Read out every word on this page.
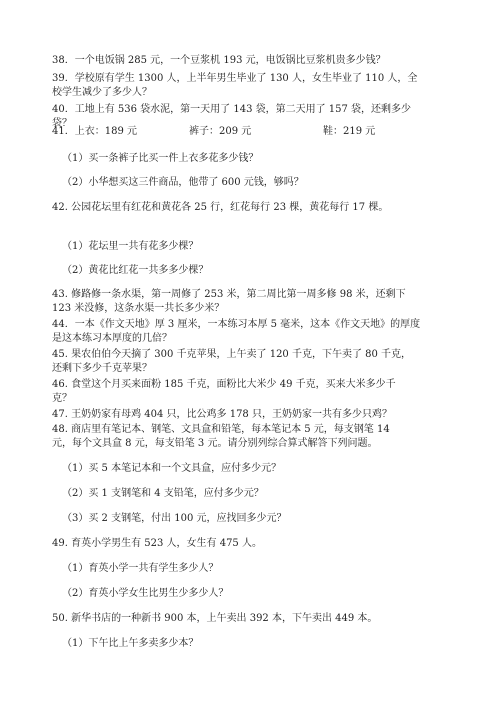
38．一个电饭锅 285 元，一个豆浆机 193 元，电饭锅比豆浆机贵多少钱？
39．学校原有学生 1300 人，上半年男生毕业了 130 人，女生毕业了 110 人，全
校学生减少了多少人？
40．工地上有 536 袋水泥，第一天用了 143 袋，第二天用了 157 袋，还剩多少
袋？
41．上衣：189 元	裤子：209 元	鞋：219 元
（1）买一条裤子比买一件上衣多花多少钱？
（2）小华想买这三件商品，他带了 600 元钱，够吗？
42. 公园花坛里有红花和黄花各 25 行，红花每行 23 棵，黄花每行 17 棵。
（1）花坛里一共有花多少棵？
（2）黄花比红花一共多多少棵？
43. 修路修一条水渠，第一周修了 253 米，第二周比第一周多修 98 米，还剩下
123 米没修，这条水渠一共长多少米？
44．一本《作文天地》厚 3 厘米，一本练习本厚 5 毫米，这本《作文天地》的厚度
是这本练习本厚度的几倍？
45. 果农伯伯今天摘了 300 千克苹果，上午卖了 120 千克，下午卖了 80 千克，
还剩下多少千克苹果？
46. 食堂这个月买来面粉 185 千克，面粉比大米少 49 千克，买来大米多少千
克？
47. 王奶奶家有母鸡 404 只，比公鸡多 178 只，王奶奶家一共有多少只鸡？
48. 商店里有笔记本、钢笔、文具盒和铅笔，每本笔记本 5 元，每支钢笔 14
元，每个文具盒 8 元，每支铅笔 3 元。请分别列综合算式解答下列问题。
（1）买 5 本笔记本和一个文具盒，应付多少元？
（2）买 1 支钢笔和 4 支铅笔，应付多少元？
（3）买 2 支钢笔，付出 100 元，应找回多少元？
49. 育英小学男生有 523 人，女生有 475 人。
（1）育英小学一共有学生多少人？
（2）育英小学女生比男生少多少人？
50. 新华书店的一种新书 900 本，上午卖出 392 本，下午卖出 449 本。
（1）下午比上午多卖多少本？
